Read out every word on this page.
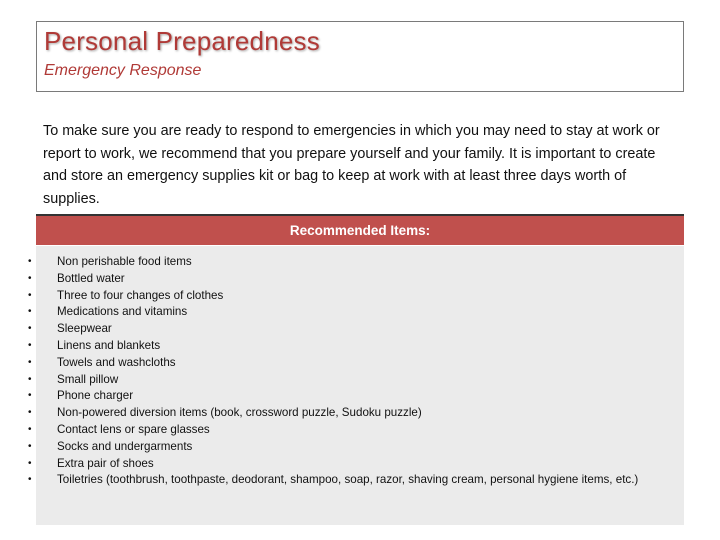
Personal Preparedness
Emergency Response
To make sure you are ready to respond to emergencies in which you may need to stay at work or report to work, we recommend that you prepare yourself and your family. It is important to create and store an emergency supplies kit or bag to keep at work with at least three days worth of supplies.
Recommended Items:
• Non perishable food items
• Bottled water
• Three to four changes of clothes
• Medications and vitamins
• Sleepwear
• Linens and blankets
• Towels and washcloths
• Small pillow
• Phone charger
• Non-powered diversion items (book, crossword puzzle, Sudoku puzzle)
• Contact lens or spare glasses
• Socks and undergarments
• Extra pair of shoes
• Toiletries (toothbrush, toothpaste, deodorant, shampoo, soap, razor, shaving cream, personal hygiene items, etc.)
